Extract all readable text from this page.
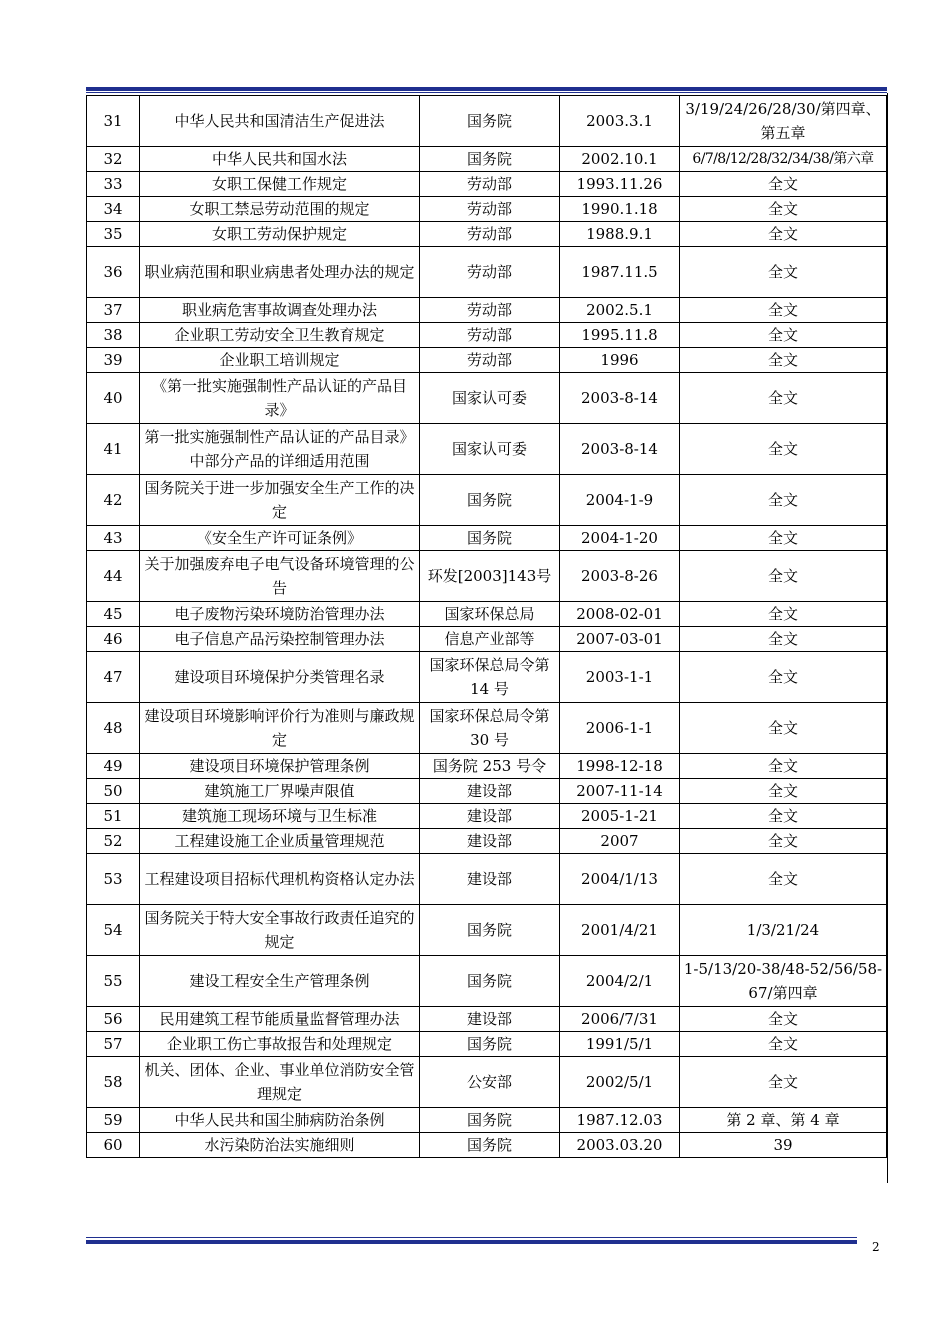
31	中华人民共和国清洁生产促进法	国务院	2003.3.1	3/19/24/26/28/30/第四章、第五章
32	中华人民共和国水法	国务院	2002.10.1	6/7/8/12/28/32/34/38/第六章
33	女职工保健工作规定	劳动部	1993.11.26	全文
34	女职工禁忌劳动范围的规定	劳动部	1990.1.18	全文
35	女职工劳动保护规定	劳动部	1988.9.1	全文
36	职业病范围和职业病患者处理办法的规定	劳动部	1987.11.5	全文
37	职业病危害事故调查处理办法	劳动部	2002.5.1	全文
38	企业职工劳动安全卫生教育规定	劳动部	1995.11.8	全文
39	企业职工培训规定	劳动部	1996	全文
40	《第一批实施强制性产品认证的产品目录》	国家认可委	2003-8-14	全文
41	第一批实施强制性产品认证的产品目录》中部分产品的详细适用范围	国家认可委	2003-8-14	全文
42	国务院关于进一步加强安全生产工作的决定	国务院	2004-1-9	全文
43	《安全生产许可证条例》	国务院	2004-1-20	全文
44	关于加强废弃电子电气设备环境管理的公告	环发[2003]143号	2003-8-26	全文
45	电子废物污染环境防治管理办法	国家环保总局	2008-02-01	全文
46	电子信息产品污染控制管理办法	信息产业部等	2007-03-01	全文
47	建设项目环境保护分类管理名录	国家环保总局令第 14 号	2003-1-1	全文
48	建设项目环境影响评价行为准则与廉政规定	国家环保总局令第 30 号	2006-1-1	全文
49	建设项目环境保护管理条例	国务院 253 号令	1998-12-18	全文
50	建筑施工厂界噪声限值	建设部	2007-11-14	全文
51	建筑施工现场环境与卫生标准	建设部	2005-1-21	全文
52	工程建设施工企业质量管理规范	建设部	2007	全文
53	工程建设项目招标代理机构资格认定办法	建设部	2004/1/13	全文
54	国务院关于特大安全事故行政责任追究的规定	国务院	2001/4/21	1/3/21/24
55	建设工程安全生产管理条例	国务院	2004/2/1	1-5/13/20-38/48-52/56/58-67/第四章
56	民用建筑工程节能质量监督管理办法	建设部	2006/7/31	全文
57	企业职工伤亡事故报告和处理规定	国务院	1991/5/1	全文
58	机关、团体、企业、事业单位消防安全管理规定	公安部	2002/5/1	全文
59	中华人民共和国尘肺病防治条例	国务院	1987.12.03	第 2 章、第 4 章
60	水污染防治法实施细则	国务院	2003.03.20	39
2
